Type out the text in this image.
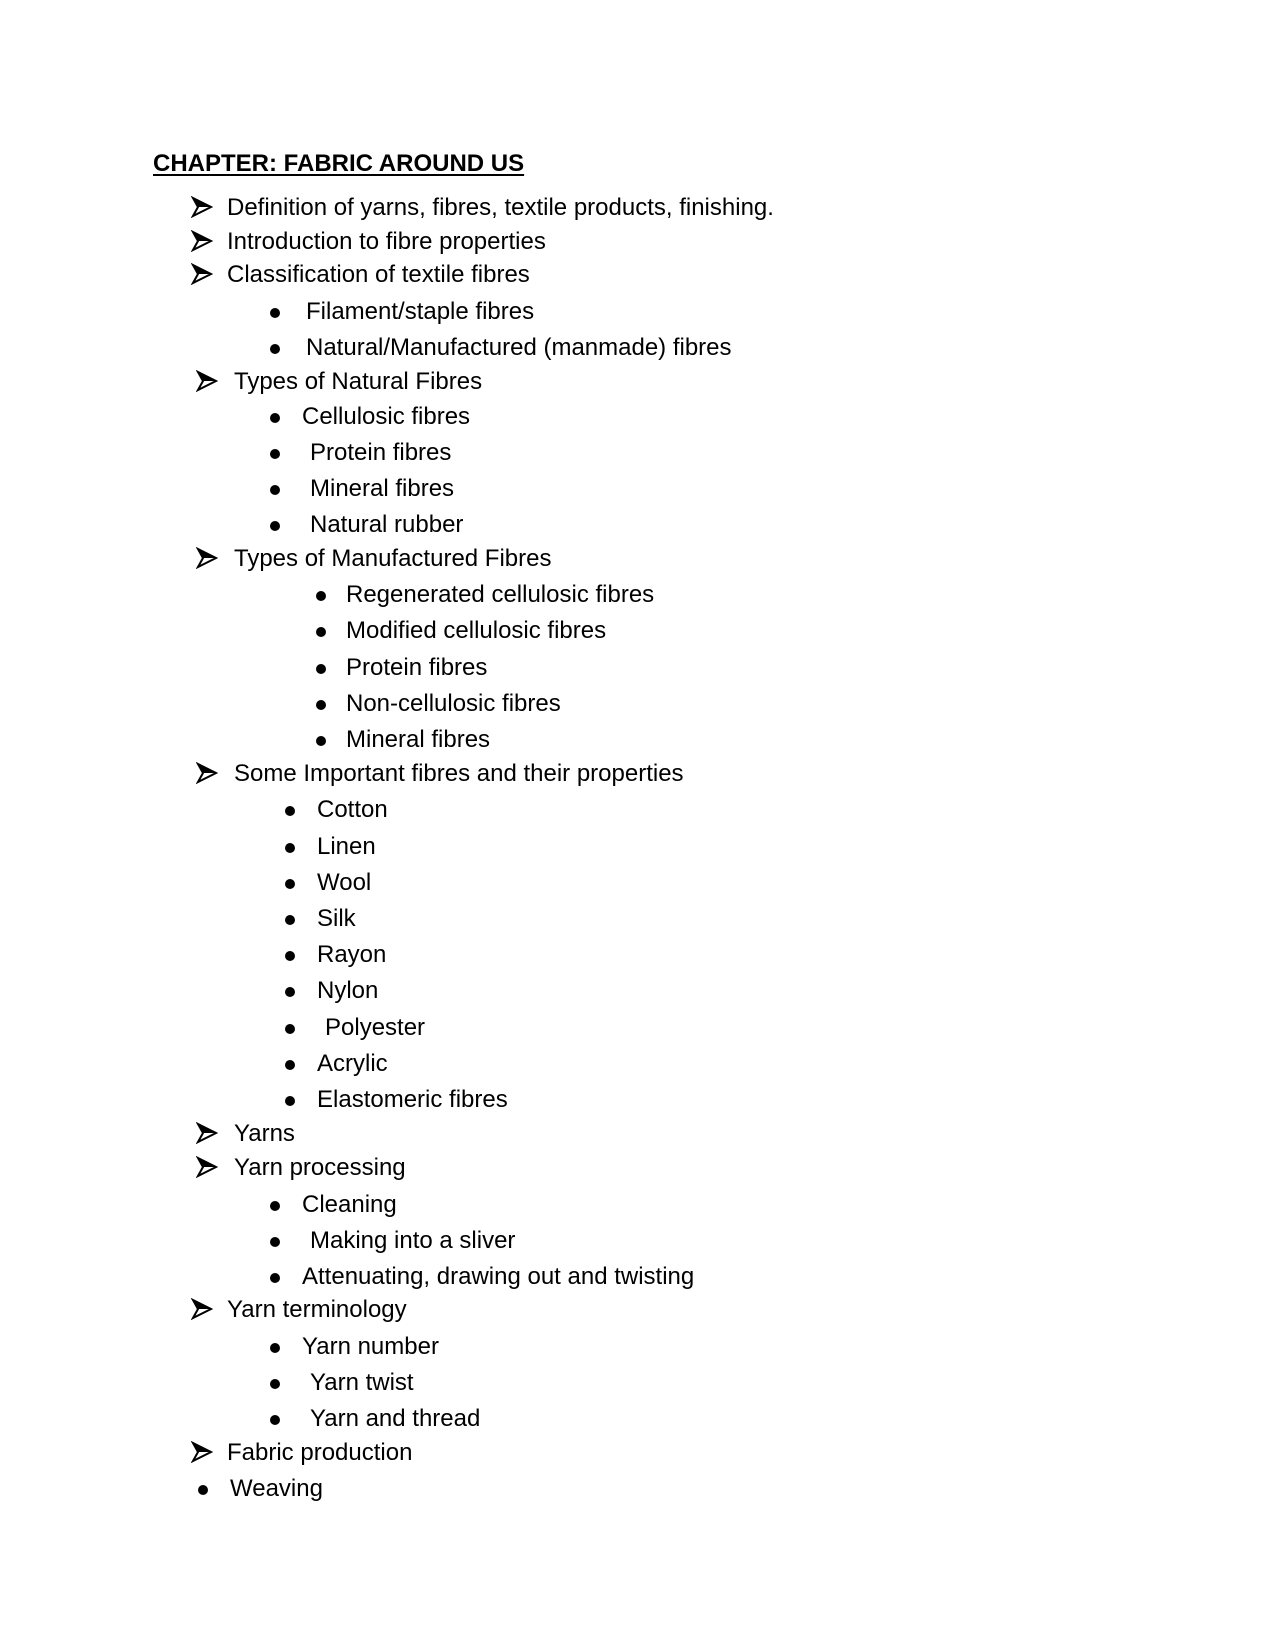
CHAPTER: FABRIC AROUND US
Definition of yarns, fibres, textile products, finishing.
Introduction to fibre properties
Classification of textile fibres
Filament/staple fibres
Natural/Manufactured (manmade) fibres
Types of Natural Fibres
Cellulosic fibres
Protein fibres
Mineral fibres
Natural rubber
Types of Manufactured Fibres
Regenerated cellulosic fibres
Modified cellulosic fibres
Protein fibres
Non-cellulosic fibres
Mineral fibres
Some Important fibres and their properties
Cotton
Linen
Wool
Silk
Rayon
Nylon
Polyester
Acrylic
Elastomeric fibres
Yarns
Yarn processing
Cleaning
Making into a sliver
Attenuating, drawing out and twisting
Yarn terminology
Yarn number
Yarn twist
Yarn and thread
Fabric production
Weaving
